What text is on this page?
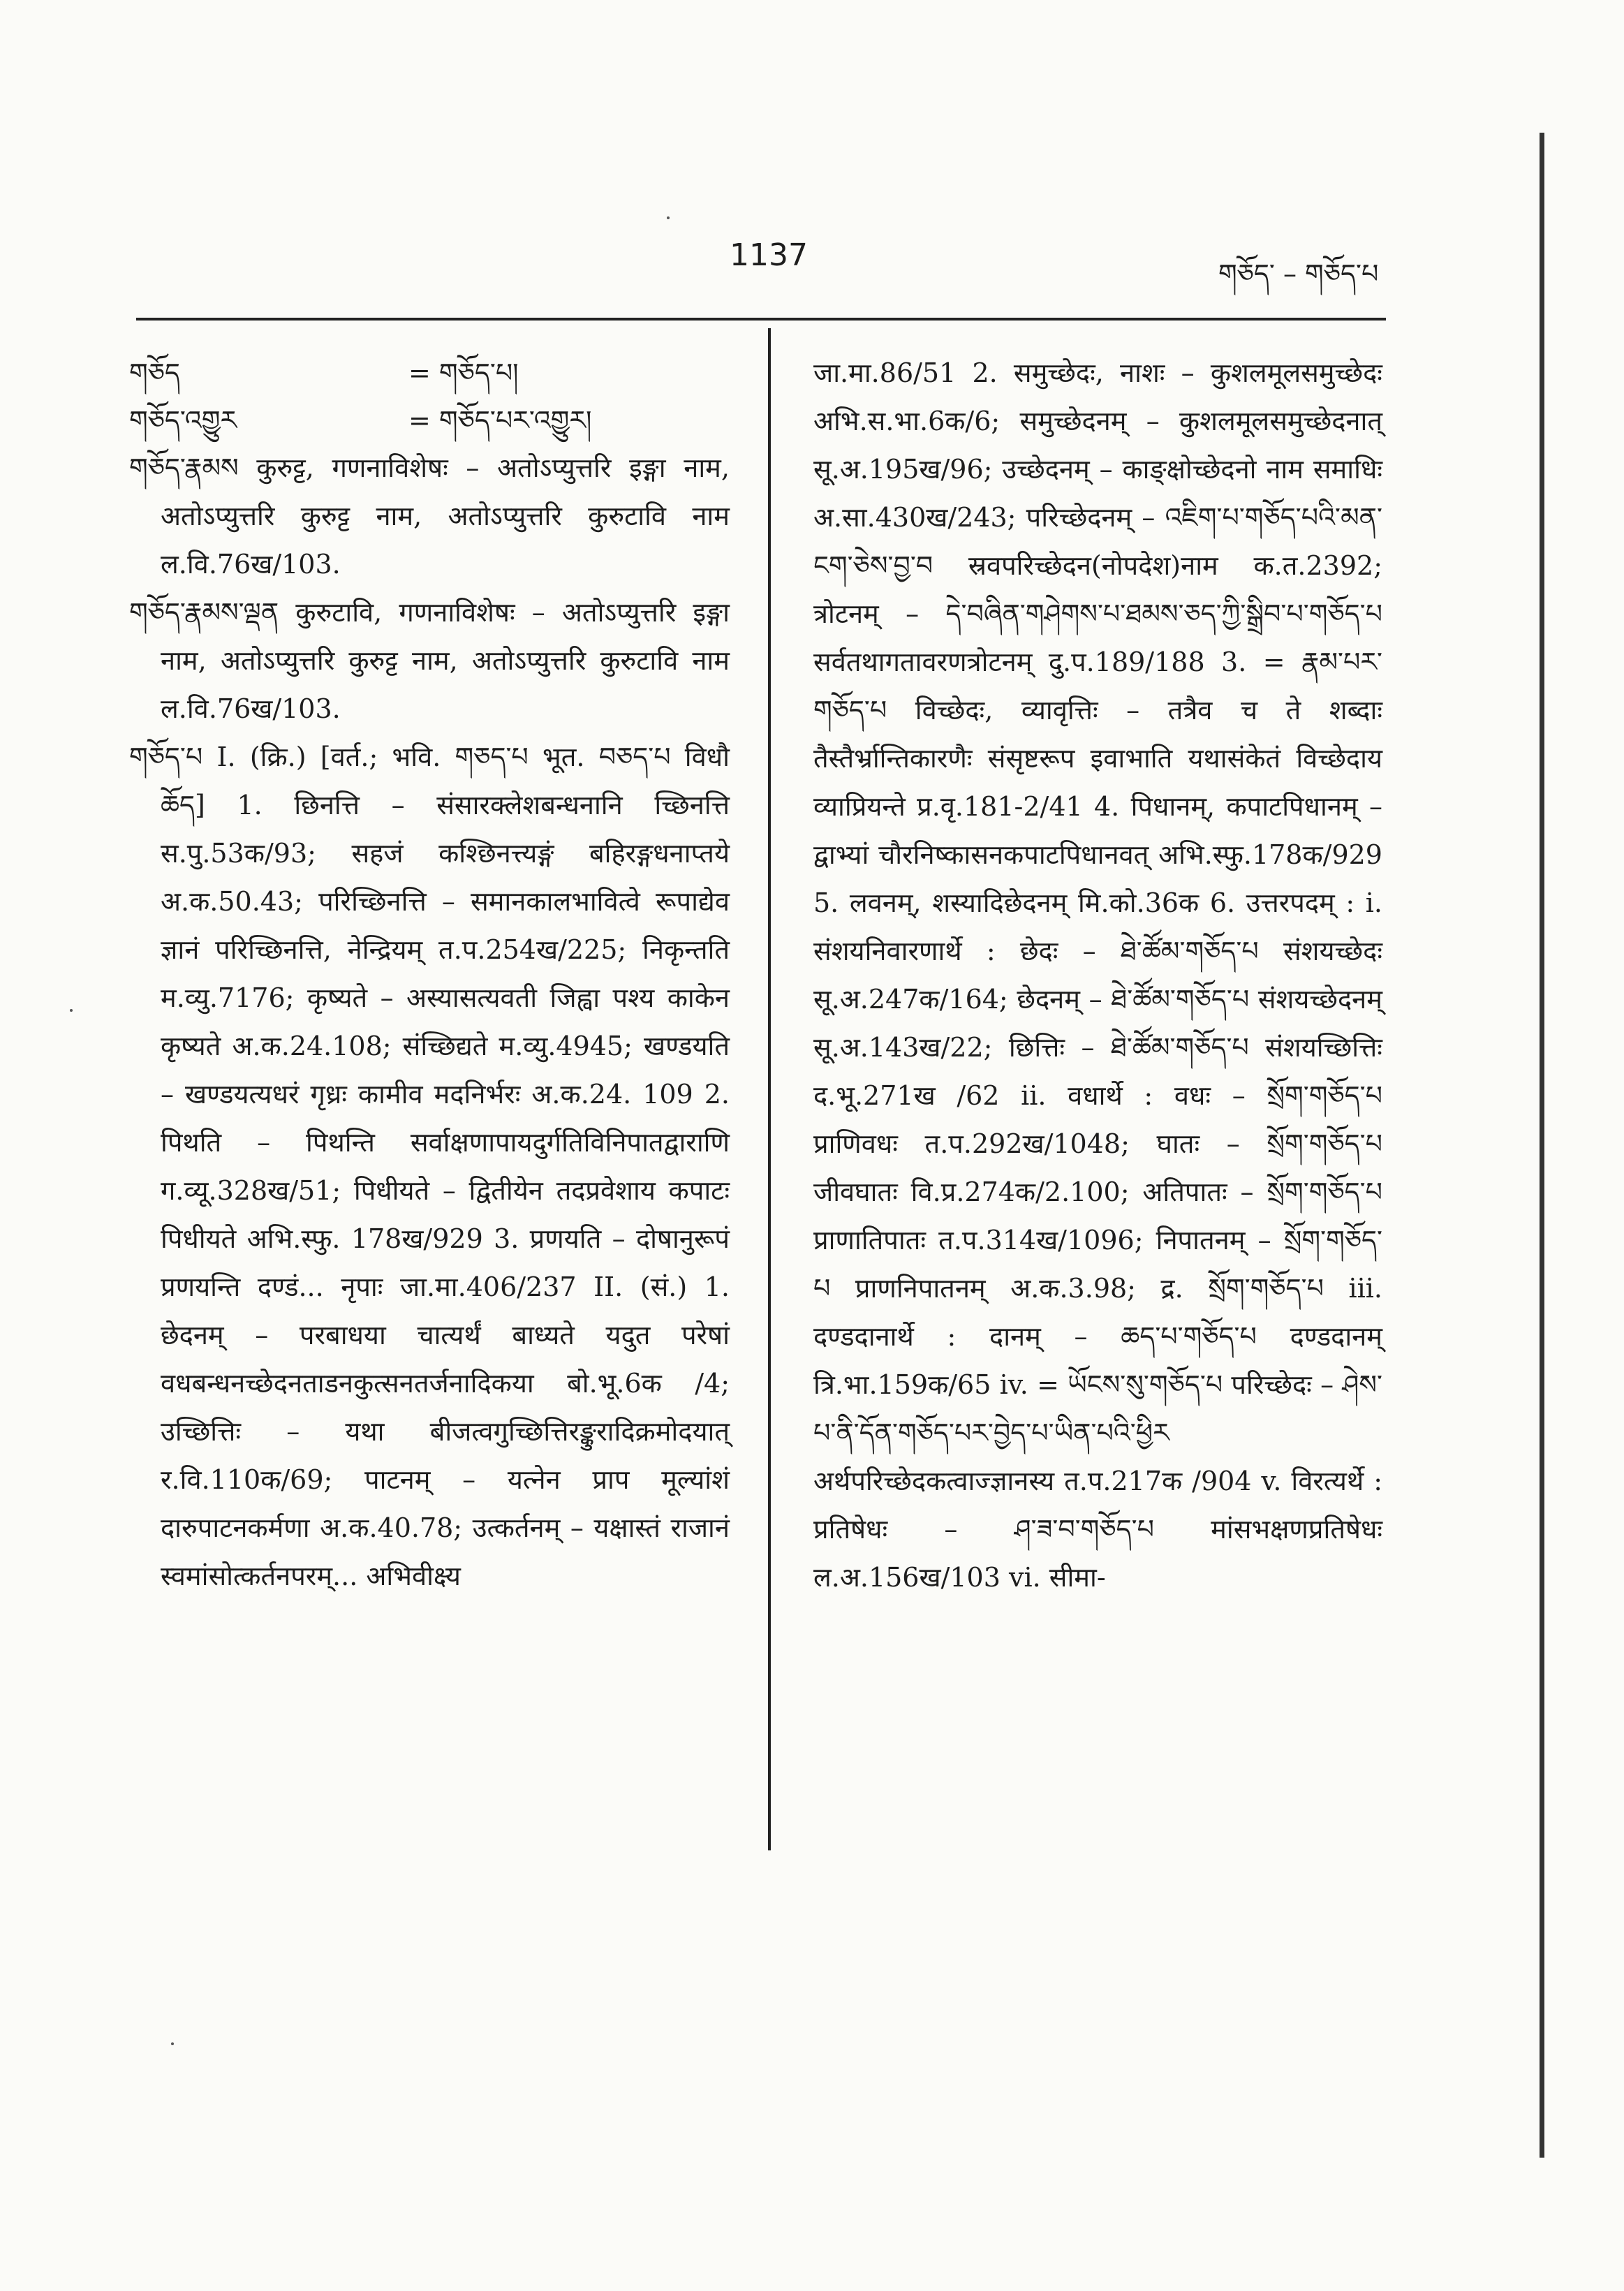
1137
གཅོད་ – གཅོད་པ
གཅོད	= གཅོད་པ།
གཅོད་འགྱུར	= གཅོད་པར་འགྱུར།

གཅོད་རྣམས कुरुट्ट, गणनाविशेषः – अतोऽप्युत्तरि इङ्गा नाम, अतोऽप्युत्तरि कुरुट्ट नाम, अतोऽप्युत्तरि कुरुटावि नाम ल.वि.76ख/103.

གཅོད་རྣམས་ལྡན कुरुटावि, गणनाविशेषः – अतोऽप्युत्तरि इङ्गा नाम, अतोऽप्युत्तरि कुरुट्ट नाम, अतोऽप्युत्तरि कुरुटावि नाम ल.वि.76ख/103.

གཅོད་པ I. (क्रि.) [वर्त.; भवि. གཅད་པ भूत. བཅད་པ विधौ ཆོད] 1. छिनत्ति – संसारक्लेशबन्धनानि च्छिनत्ति स.पु.53क/93; सहजं कश्छिनत्त्यङ्गं बहिरङ्गधनाप्तये अ.क.50.43; परिच्छिनत्ति – समानकालभावित्वे रूपाद्येव ज्ञानं परिच्छिनत्ति, नेन्द्रियम् त.प.254ख/225; निकृन्तति म.व्यु.7176; कृष्यते – अस्यासत्यवती जिह्वा पश्य काकेन कृष्यते अ.क.24.108; संच्छिद्यते म.व्यु.4945; खण्डयति – खण्डयत्यधरं गृध्रः कामीव मदनिर्भरः अ.क.24. 109 2. पिथति – पिथन्ति सर्वाक्षणापायदुर्गतिविनिपातद्वाराणि ग.व्यू.328ख/51; पिधीयते – द्वितीयेन तदप्रवेशाय कपाटः पिधीयते अभि.स्फु. 178ख/929 3. प्रणयति – दोषानुरूपं प्रणयन्ति दण्डं... नृपाः जा.मा.406/237 II. (सं.) 1. छेदनम् – परबाधया चात्यर्थं बाध्यते यदुत परेषां वधबन्धनच्छेदनताडनकुत्सनतर्जनादिकया बो.भू.6क /4; उच्छित्तिः – यथा बीजत्वगुच्छित्तिरङ्कुरादिक्रमोदयात् र.वि.110क/69; पाटनम् – यत्नेन प्राप मूल्यांशं दारुपाटनकर्मणा अ.क.40.78; उत्कर्तनम् – यक्षास्तं राजानं स्वमांसोत्कर्तनपरम्... अभिवीक्ष्य

जा.मा.86/51 2. समुच्छेदः, नाशः – कुशलमूलसमुच्छेदः अभि.स.भा.6क/6; समुच्छेदनम् – कुशलमूलसमुच्छेदनात् सू.अ.195ख/96; उच्छेदनम् – काङ्क्षोच्छेदनो नाम समाधिः अ.सा.430ख/243; परिच्छेदनम् – འཇིག་པ་གཅོད་པའི་མན་ངག་ཅེས་བྱ་བ स्रवपरिच्छेदन(नोपदेश)नाम क.त.2392; त्रोटनम् – དེ་བཞིན་གཤེགས་པ་ཐམས་ཅད་ཀྱི་སྒྲིབ་པ་གཅོད་པ सर्वतथागतावरणत्रोटनम् दु.प.189/188 3. = རྣམ་པར་གཅོད་པ विच्छेदः, व्यावृत्तिः – तत्रैव च ते शब्दाः तैस्तैर्भ्रान्तिकारणैः संसृष्टरूप इवाभाति यथासंकेतं विच्छेदाय व्याप्रियन्ते प्र.वृ.181-2/41 4. पिधानम्, कपाटपिधानम् – द्वाभ्यां चौरनिष्कासनकपाटपिधानवत् अभि.स्फु.178क/929 5. लवनम्, शस्यादिछेदनम् मि.को.36क 6. उत्तरपदम् : i. संशयनिवारणार्थे : छेदः – ཐེ་ཚོམ་གཅོད་པ संशयच्छेदः सू.अ.247क/164; छेदनम् – ཐེ་ཚོམ་གཅོད་པ संशयच्छेदनम् सू.अ.143ख/22; छित्तिः – ཐེ་ཚོམ་གཅོད་པ संशयच्छित्तिः द.भू.271ख /62 ii. वधार्थे : वधः – སྲོག་གཅོད་པ प्राणिवधः त.प.292ख/1048; घातः – སྲོག་གཅོད་པ जीवघातः वि.प्र.274क/2.100; अतिपातः – སྲོག་གཅོད་པ प्राणातिपातः त.प.314ख/1096; निपातनम् – སྲོག་གཅོད་པ प्राणनिपातनम् अ.क.3.98; द्र. སྲོག་གཅོད་པ iii. दण्डदानार्थे : दानम् – ཆད་པ་གཅོད་པ दण्डदानम् त्रि.भा.159क/65 iv. = ཡོངས་སུ་གཅོད་པ परिच्छेदः – ཤེས་པ་ནི་དོན་གཅོད་པར་བྱེད་པ་ཡིན་པའི་ཕྱིར अर्थपरिच्छेदकत्वाज्ज्ञानस्य त.प.217क /904 v. विरत्यर्थे : प्रतिषेधः – ཤ་ཟ་བ་གཅོད་པ मांसभक्षणप्रतिषेधः ल.अ.156ख/103 vi. सीमा-
